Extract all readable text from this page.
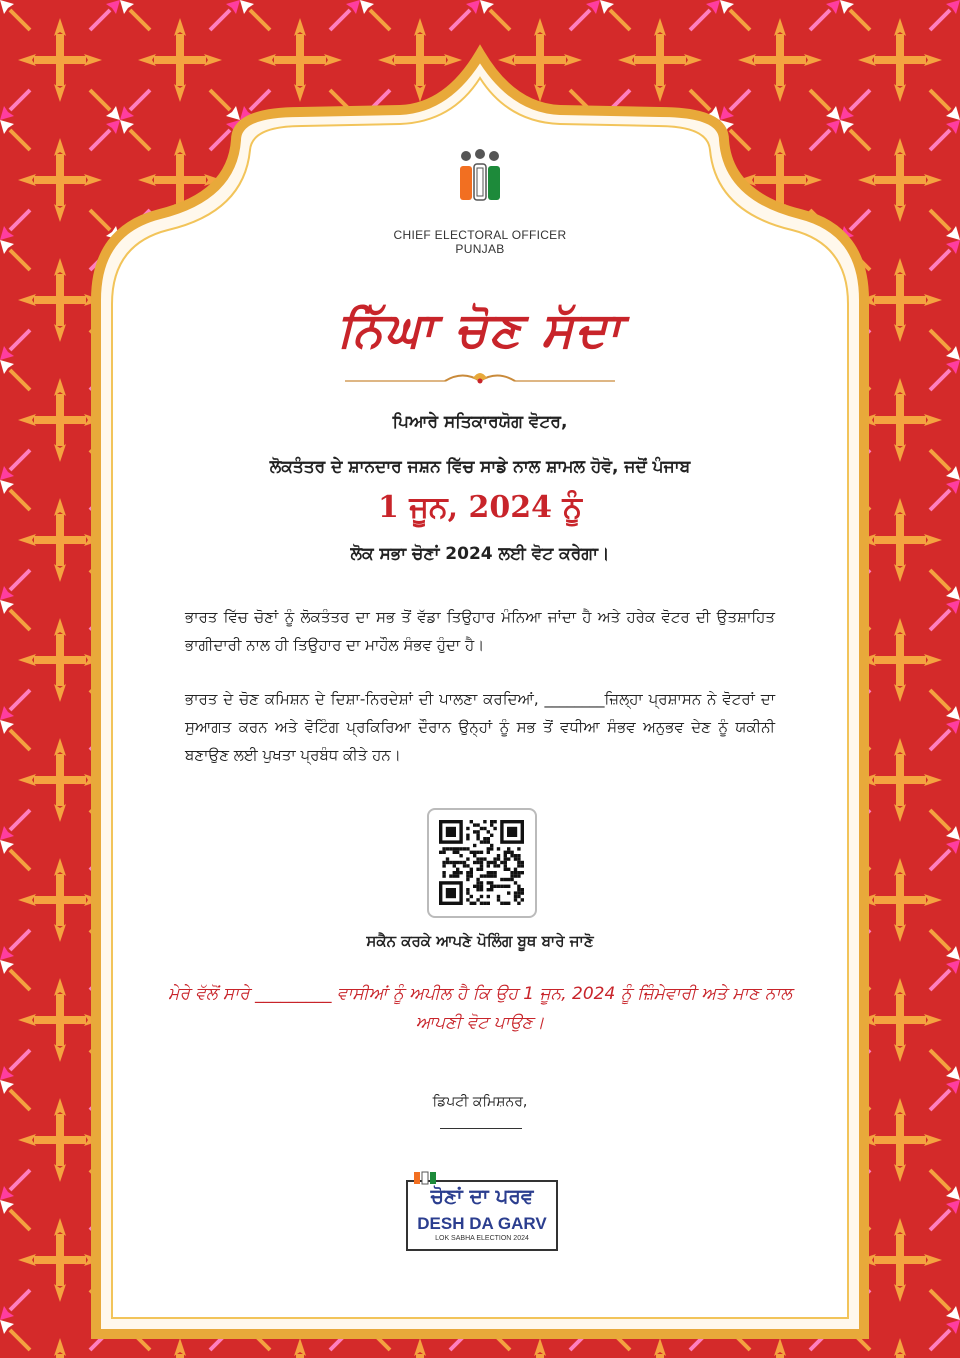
CHIEF ELECTORAL OFFICER
PUNJAB
ਨਿੱਘਾ ਚੋਣ ਸੱਦਾ
ਪਿਆਰੇ ਸਤਿਕਾਰਯੋਗ ਵੋਟਰ,
ਲੋਕਤੰਤਰ ਦੇ ਸ਼ਾਨਦਾਰ ਜਸ਼ਨ ਵਿੱਚ ਸਾਡੇ ਨਾਲ ਸ਼ਾਮਲ ਹੋਵੋ, ਜਦੋਂ ਪੰਜਾਬ
1 ਜੂਨ, 2024 ਨੂੰ
ਲੋਕ ਸਭਾ ਚੋਣਾਂ 2024 ਲਈ ਵੋਟ ਕਰੇਗਾ।
ਭਾਰਤ ਵਿੱਚ ਚੋਣਾਂ ਨੂੰ ਲੋਕਤੰਤਰ ਦਾ ਸਭ ਤੋਂ ਵੱਡਾ ਤਿਉਹਾਰ ਮੰਨਿਆ ਜਾਂਦਾ ਹੈ ਅਤੇ ਹਰੇਕ ਵੋਟਰ ਦੀ ਉਤਸ਼ਾਹਿਤ ਭਾਗੀਦਾਰੀ ਨਾਲ ਹੀ ਤਿਉਹਾਰ ਦਾ ਮਾਹੌਲ ਸੰਭਵ ਹੁੰਦਾ ਹੈ।
ਭਾਰਤ ਦੇ ਚੋਣ ਕਮਿਸ਼ਨ ਦੇ ਦਿਸ਼ਾ-ਨਿਰਦੇਸ਼ਾਂ ਦੀ ਪਾਲਣਾ ਕਰਦਿਆਂ, ________ਜ਼ਿਲ੍ਹਾ ਪ੍ਰਸ਼ਾਸਨ ਨੇ ਵੋਟਰਾਂ ਦਾ ਸੁਆਗਤ ਕਰਨ ਅਤੇ ਵੋਟਿੰਗ ਪ੍ਰਕਿਰਿਆ ਦੌਰਾਨ ਉਨ੍ਹਾਂ ਨੂੰ ਸਭ ਤੋਂ ਵਧੀਆ ਸੰਭਵ ਅਨੁਭਵ ਦੇਣ ਨੂੰ ਯਕੀਨੀ ਬਣਾਉਣ ਲਈ ਪੁਖਤਾ ਪ੍ਰਬੰਧ ਕੀਤੇ ਹਨ।
ਸਕੈਨ ਕਰਕੇ ਆਪਣੇ ਪੋਲਿੰਗ ਬੂਥ ਬਾਰੇ ਜਾਣੋ
ਮੇਰੇ ਵੱਲੋਂ ਸਾਰੇ _________ ਵਾਸੀਆਂ ਨੂੰ ਅਪੀਲ ਹੈ ਕਿ ਉਹ 1 ਜੂਨ, 2024 ਨੂੰ ਜ਼ਿੰਮੇਵਾਰੀ ਅਤੇ ਮਾਣ ਨਾਲ ਆਪਣੀ ਵੋਟ ਪਾਉਣ।
ਡਿਪਟੀ ਕਮਿਸ਼ਨਰ,
ਚੋਣਾਂ ਦਾ ਪਰਵ
DESH DA GARV
LOK SABHA ELECTION 2024
